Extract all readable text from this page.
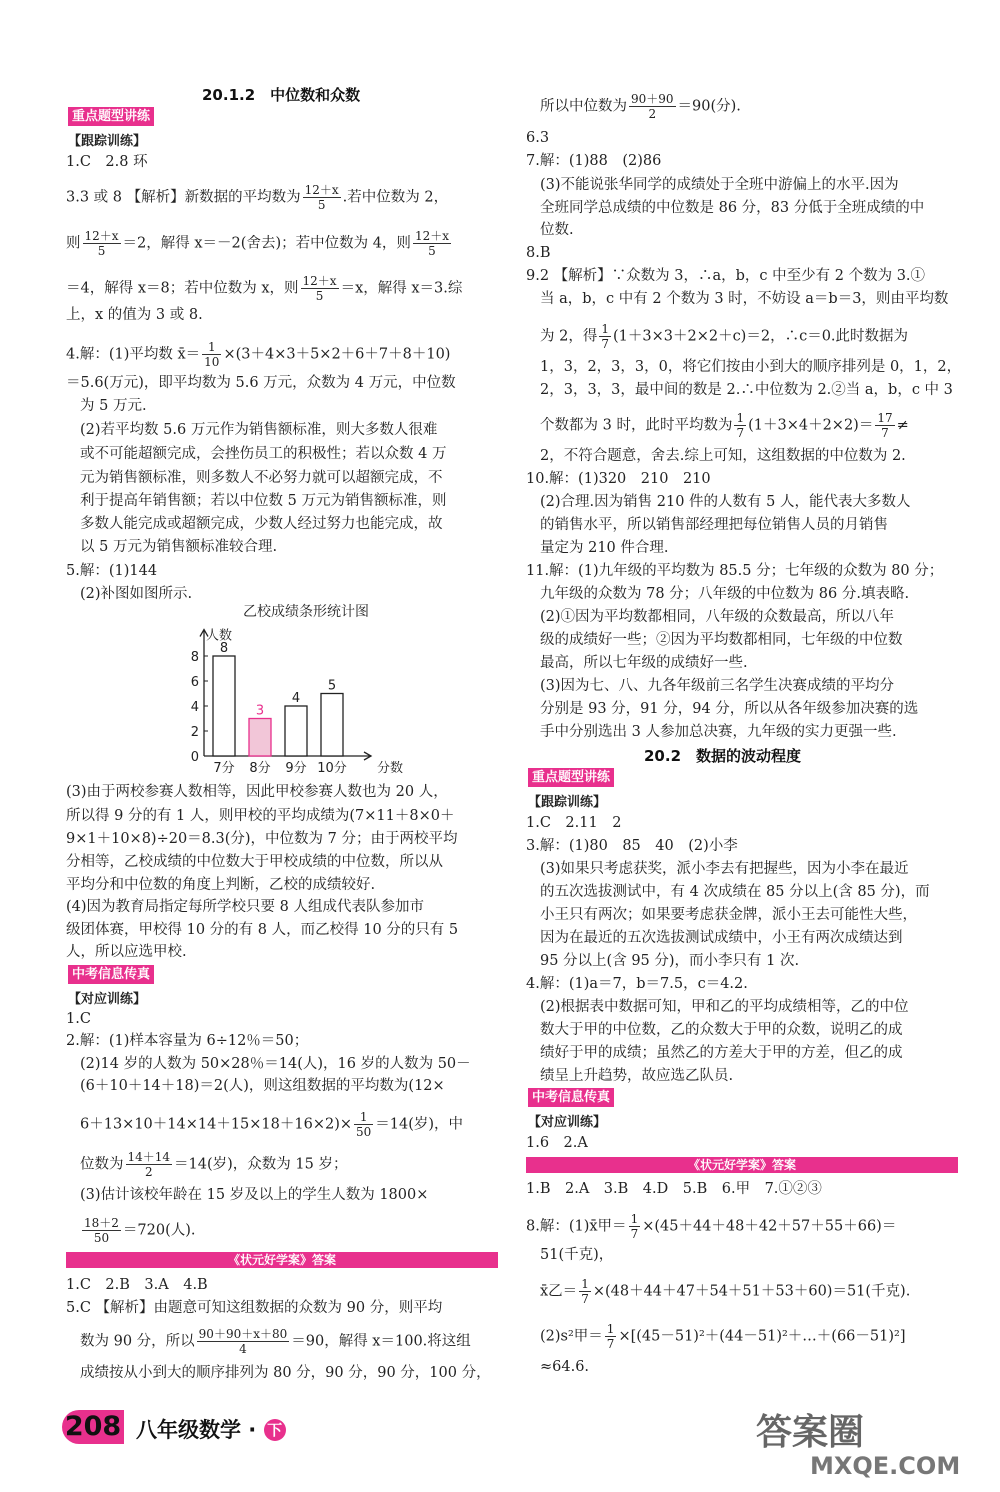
20.1.2　中位数和众数
重点题型讲练
【跟踪训练】
1.C　2.8 环
3.3 或 8 【解析】新数据的平均数为 $\frac{12+x}{5}$ .若中位数为 2，
则 $\frac{12+x}{5} =2$，解得 x＝－2(舍去)；若中位数为 4，则 $\frac{12+x}{5}$
＝4，解得 x＝8；若中位数为 x，则 $\frac{12+x}{5} =x$，解得 x＝3.综
上，x 的值为 3 或 8.
4.解：(1)平均数 x̄＝ $\frac{1}{10} \times(3+4\times 3+5\times 2+6+7+8+10)$
＝5.6(万元)，即平均数为 5.6 万元，众数为 4 万元，中位数
为 5 万元.
(2)若平均数 5.6 万元作为销售额标准，则大多数人很难
或不可能超额完成，会挫伤员工的积极性；若以众数 4 万
元为销售额标准，则多数人不必努力就可以超额完成，不
利于提高年销售额；若以中位数 5 万元为销售额标准，则
多数人能完成或超额完成，少数人经过努力也能完成，故
以 5 万元为销售额标准较合理.
5.解：(1)144
(2)补图如图所示.
乙校成绩条形统计图
人数
分数
0
2
4
6
8
8
7分
3
8分
4
9分
5
10分
(3)由于两校参赛人数相等，因此甲校参赛人数也为 20 人，
所以得 9 分的有 1 人，则甲校的平均成绩为(7×11＋8×0＋
9×1＋10×8)÷20＝8.3(分)，中位数为 7 分；由于两校平均
分相等，乙校成绩的中位数大于甲校成绩的中位数，所以从
平均分和中位数的角度上判断，乙校的成绩较好.
(4)因为教育局指定每所学校只要 8 人组成代表队参加市
级团体赛，甲校得 10 分的有 8 人，而乙校得 10 分的只有 5
人，所以应选甲校.
中考信息传真
【对应训练】
1.C
2.解：(1)样本容量为 6÷12％＝50；
(2)14 岁的人数为 50×28％＝14(人)，16 岁的人数为 50－
(6＋10＋14＋18)＝2(人)，则这组数据的平均数为(12×
$6+13\times 10+14\times 14+15\times 18+16\times 2)\times \frac{1}{50} =14$(岁)，中
位数为 $\frac{14+14}{2} =14$(岁)，众数为 15 岁；
(3)估计该校年龄在 15 岁及以上的学生人数为 1800×
$\frac{18+2}{50} =720$(人).
《状元好学案》答案
1.C　2.B　3.A　4.B
5.C 【解析】由题意可知这组数据的众数为 90 分，则平均
数为 90 分，所以 $\frac{90+90+x+80}{4} =90$，解得 x＝100.将这组
成绩按从小到大的顺序排列为 80 分，90 分，90 分，100 分，
所以中位数为 $\frac{90+90}{2} =90$(分).
6.3
7.解：(1)88　(2)86
(3)不能说张华同学的成绩处于全班中游偏上的水平.因为
全班同学总成绩的中位数是 86 分，83 分低于全班成绩的中
位数.
8.B
9.2 【解析】∵众数为 3，∴a，b，c 中至少有 2 个数为 3.①
当 a，b，c 中有 2 个数为 3 时，不妨设 a＝b＝3，则由平均数
为 2，得 $\frac{1}{7} (1+3\times 3+2\times 2+c)=2$，∴c＝0.此时数据为
1，3，2，3，3，0，将它们按由小到大的顺序排列是 0，1，2，
2，3，3，3，最中间的数是 2.∴中位数为 2.②当 a，b，c 中 3
个数都为 3 时，此时平均数为 $\frac{1}{7} (1+3\times 4+2\times 2)= \frac{17}{7}$ ≠
2，不符合题意，舍去.综上可知，这组数据的中位数为 2.
10.解：(1)320　210　210
(2)合理.因为销售 210 件的人数有 5 人，能代表大多数人
的销售水平，所以销售部经理把每位销售人员的月销售
量定为 210 件合理.
11.解：(1)九年级的平均数为 85.5 分；七年级的众数为 80 分；
九年级的众数为 78 分；八年级的中位数为 86 分.填表略.
(2)①因为平均数都相同，八年级的众数最高，所以八年
级的成绩好一些；②因为平均数都相同，七年级的中位数
最高，所以七年级的成绩好一些.
(3)因为七、八、九各年级前三名学生决赛成绩的平均分
分别是 93 分，91 分，94 分，所以从各年级参加决赛的选
手中分别选出 3 人参加总决赛，九年级的实力更强一些.
20.2　数据的波动程度
重点题型讲练
【跟踪训练】
1.C　2.11　2
3.解：(1)80　85　40　(2)小李
(3)如果只考虑获奖，派小李去有把握些，因为小李在最近
的五次选拔测试中，有 4 次成绩在 85 分以上(含 85 分)，而
小王只有两次；如果要考虑获金牌，派小王去可能性大些，
因为在最近的五次选拔测试成绩中，小王有两次成绩达到
95 分以上(含 95 分)，而小李只有 1 次.
4.解：(1)a＝7，b＝7.5，c＝4.2.
(2)根据表中数据可知，甲和乙的平均成绩相等，乙的中位
数大于甲的中位数，乙的众数大于甲的众数，说明乙的成
绩好于甲的成绩；虽然乙的方差大于甲的方差，但乙的成
绩呈上升趋势，故应选乙队员.
中考信息传真
【对应训练】
1.6　2.A
《状元好学案》答案
1.B　2.A　3.B　4.D　5.B　6.甲　7.①②③
8.解：(1)x̄甲＝ $\frac{1}{7} \times(45+44+48+42+57+55+66)=$
51(千克)，
x̄乙＝ $\frac{1}{7} \times(48+44+47+54+51+53+60)=51$(千克).
(2)s²甲＝ $\frac{1}{7}$ ×[(45－51)²＋(44－51)²＋…＋(66－51)²]
≈64.6.
208 八年级数学 · 下	答案圈
MXQE.COM
